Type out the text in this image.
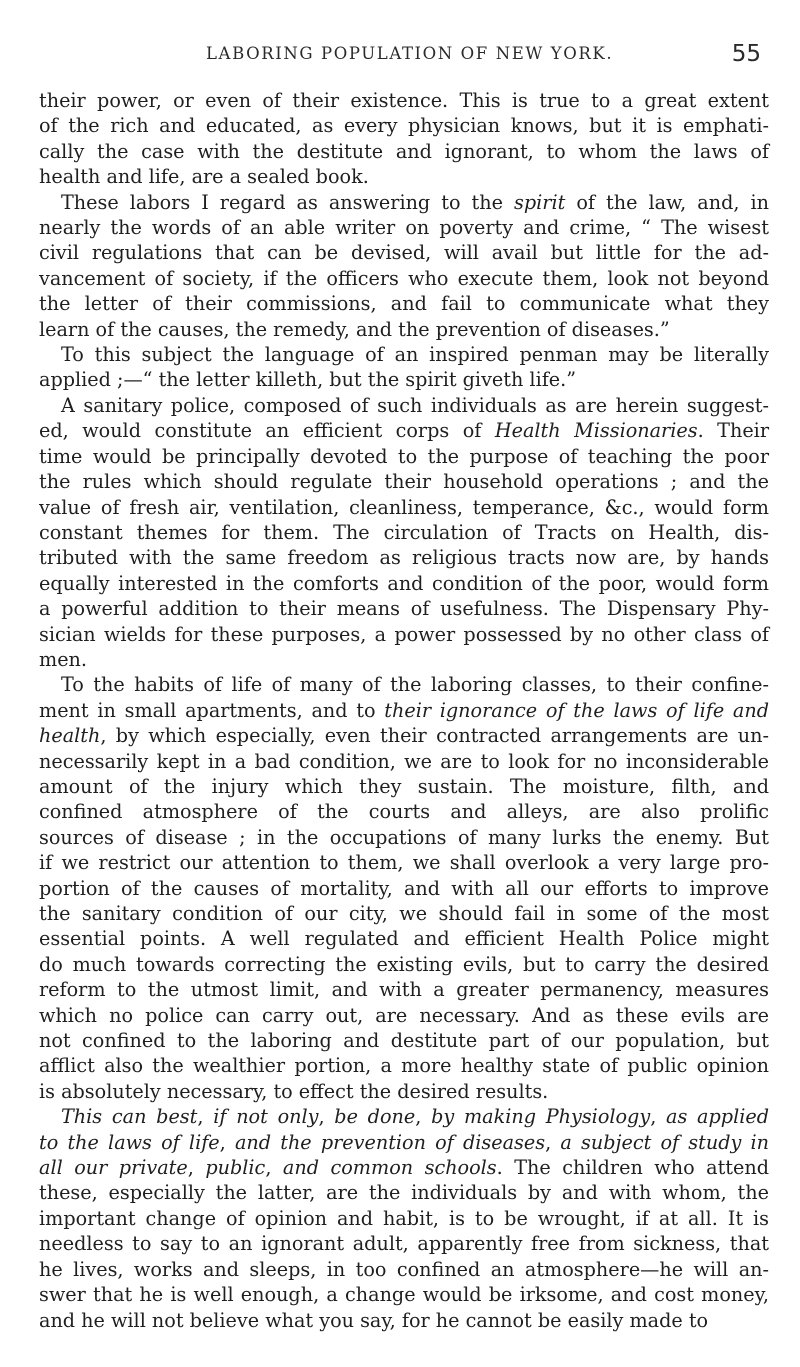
LABORING POPULATION OF NEW YORK.	55
their power, or even of their existence. This is true to a great extent
of the rich and educated, as every physician knows, but it is emphati-
cally the case with the destitute and ignorant, to whom the laws of
health and life, are a sealed book.
These labors I regard as answering to the spirit of the law, and, in
nearly the words of an able writer on poverty and crime, “ The wisest
civil regulations that can be devised, will avail but little for the ad-
vancement of society, if the officers who execute them, look not beyond
the letter of their commissions, and fail to communicate what they
learn of the causes, the remedy, and the prevention of diseases.”
To this subject the language of an inspired penman may be literally
applied ;—“ the letter killeth, but the spirit giveth life.”
A sanitary police, composed of such individuals as are herein suggest-
ed, would constitute an efficient corps of Health Missionaries. Their
time would be principally devoted to the purpose of teaching the poor
the rules which should regulate their household operations ; and the
value of fresh air, ventilation, cleanliness, temperance, &c., would form
constant themes for them. The circulation of Tracts on Health, dis-
tributed with the same freedom as religious tracts now are, by hands
equally interested in the comforts and condition of the poor, would form
a powerful addition to their means of usefulness. The Dispensary Phy-
sician wields for these purposes, a power possessed by no other class of
men.
To the habits of life of many of the laboring classes, to their confine-
ment in small apartments, and to their ignorance of the laws of life and
health, by which especially, even their contracted arrangements are un-
necessarily kept in a bad condition, we are to look for no inconsiderable
amount of the injury which they sustain. The moisture, filth, and
confined atmosphere of the courts and alleys, are also prolific
sources of disease ; in the occupations of many lurks the enemy. But
if we restrict our attention to them, we shall overlook a very large pro-
portion of the causes of mortality, and with all our efforts to improve
the sanitary condition of our city, we should fail in some of the most
essential points. A well regulated and efficient Health Police might
do much towards correcting the existing evils, but to carry the desired
reform to the utmost limit, and with a greater permanency, measures
which no police can carry out, are necessary. And as these evils are
not confined to the laboring and destitute part of our population, but
afflict also the wealthier portion, a more healthy state of public opinion
is absolutely necessary, to effect the desired results.
This can best, if not only, be done, by making Physiology, as applied
to the laws of life, and the prevention of diseases, a subject of study in
all our private, public, and common schools. The children who attend
these, especially the latter, are the individuals by and with whom, the
important change of opinion and habit, is to be wrought, if at all. It is
needless to say to an ignorant adult, apparently free from sickness, that
he lives, works and sleeps, in too confined an atmosphere—he will an-
swer that he is well enough, a change would be irksome, and cost money,
and he will not believe what you say, for he cannot be easily made to
